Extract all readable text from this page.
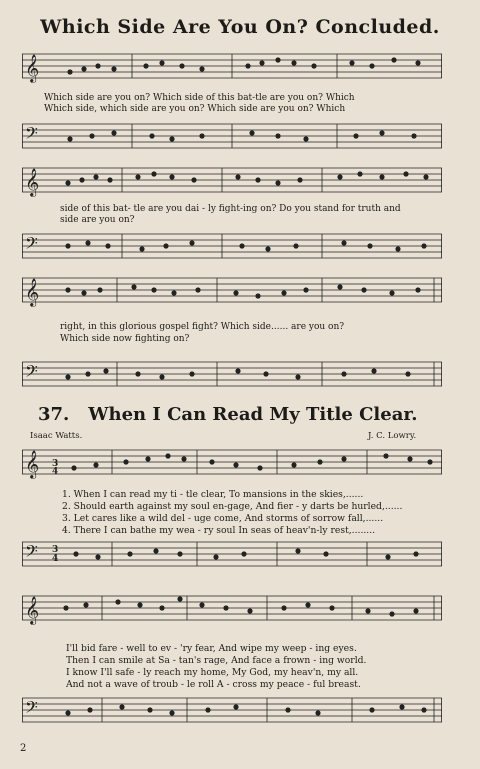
Which Side Are You On? Concluded.
𝄞
Which side are you on? Which side of this bat-tle are you on? Which
Which side, which side are you on? Which side are you on? Which
𝄢
𝄞
side of this bat- tle are you dai - ly fight-ing on? Do you stand for truth and
side are you on?
𝄢
𝄞
right, in this glorious gospel fight? Which side...... are you on?
Which side now fighting on?
𝄢
37. When I Can Read My Title Clear.
Isaac Watts.	J. C. Lowry.
𝄞 3
4
1. When I can read my ti - tle clear, To mansions in the skies,......
2. Should earth against my soul en-gage, And fier - y darts be hurled,......
3. Let cares like a wild del - uge come, And storms of sorrow fall,......
4. There I can bathe my wea - ry soul In seas of heav'n-ly rest,........
𝄢 3
4
𝄞
I'll bid fare - well to ev - 'ry fear, And wipe my weep - ing eyes.
Then I can smile at Sa - tan's rage, And face a frown - ing world.
I know I'll safe - ly reach my home, My God, my heav'n, my all.
And not a wave of troub - le roll A - cross my peace - ful breast.
𝄢
2
